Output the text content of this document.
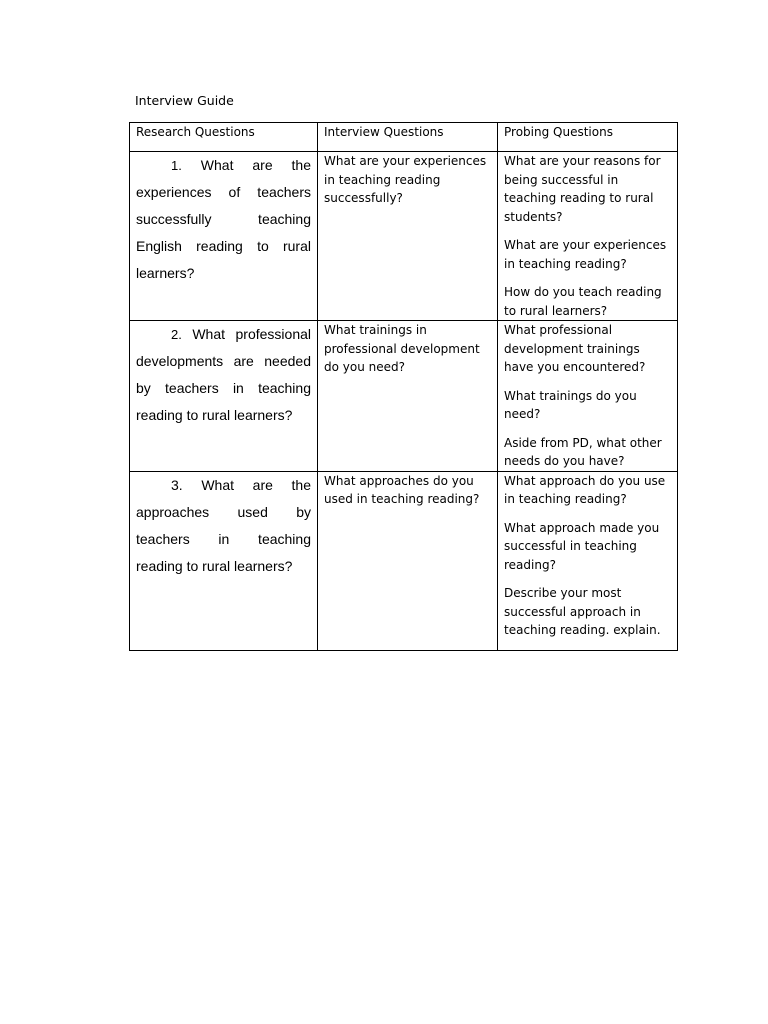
Interview Guide
Research Questions	Interview Questions	Probing Questions

1. What are the experiences of teachers successfully teaching English reading to rural learners?	What are your experiences in teaching reading successfully?	What are your reasons for being successful in teaching reading to rural students?
What are your experiences in teaching reading?
How do you teach reading to rural learners?

2. What professional developments are needed by teachers in teaching reading to rural learners?	What trainings in professional development do you need?	What professional development trainings have you encountered?
What trainings do you need?
Aside from PD, what other needs do you have?

3. What are the approaches used by teachers in teaching reading to rural learners?	What approaches do you used in teaching reading?	What approach do you use in teaching reading?
What approach made you successful in teaching reading?
Describe your most successful approach in teaching reading. explain.
